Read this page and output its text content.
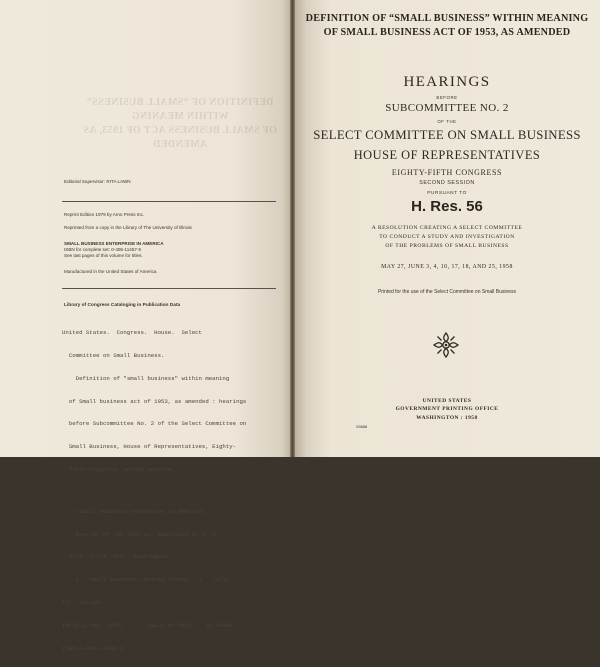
DEFINITION OF “SMALL BUSINESS” WITHIN MEANING
OF SMALL BUSINESS ACT OF 1953, AS AMENDED
Editorial Supervisor: RITA LAWN
Reprint Edition 1979 by Arno Press Inc.
Reprinted from a copy in the Library of The University of Illinois
SMALL BUSINESS ENTERPRISE IN AMERICA
ISBN for complete set: 0-405-11457-5
See last pages of this volume for titles.
Manufactured in the United States of America
Library of Congress Cataloging in Publication Data

United States.  Congress.  House.  Select

Committee on Small Business.

Definition of "small business" within meaning

of Small business act of 1953, as amended : hearings

before Subcommittee No. 2 of the Select Committee on

Small Business, House of Representatives, Eighty-

fifth Congress, second session.

(Small business enterprise in America)

Reprint of the 1959 ed. published by U. S.

Govt. Print. Off., Washington.

1.  Small business--United States.  I.  Title.

II.  Series.

[KF26.S.U44  1979]       338.6'42'0973    78-18006

ISBN 0-405-11488-2

DEFINITION OF “SMALL BUSINESS” WITHIN MEANING
OF SMALL BUSINESS ACT OF 1953, AS AMENDED
HEARINGS
BEFORE
SUBCOMMITTEE NO. 2
OF THE
SELECT COMMITTEE ON SMALL BUSINESS
HOUSE OF REPRESENTATIVES
EIGHTY-FIFTH CONGRESS
SECOND SESSION
PURSUANT TO
H. Res. 56
A RESOLUTION CREATING A SELECT COMMITTEE
TO CONDUCT A STUDY AND INVESTIGATION
OF THE PROBLEMS OF SMALL BUSINESS
MAY 27, JUNE 3, 4, 10, 17, 18, AND 25, 1958
Printed for the use of the Select Committee on Small Business
UNITED STATES
GOVERNMENT PRINTING OFFICE
WASHINGTON : 1958
29688
